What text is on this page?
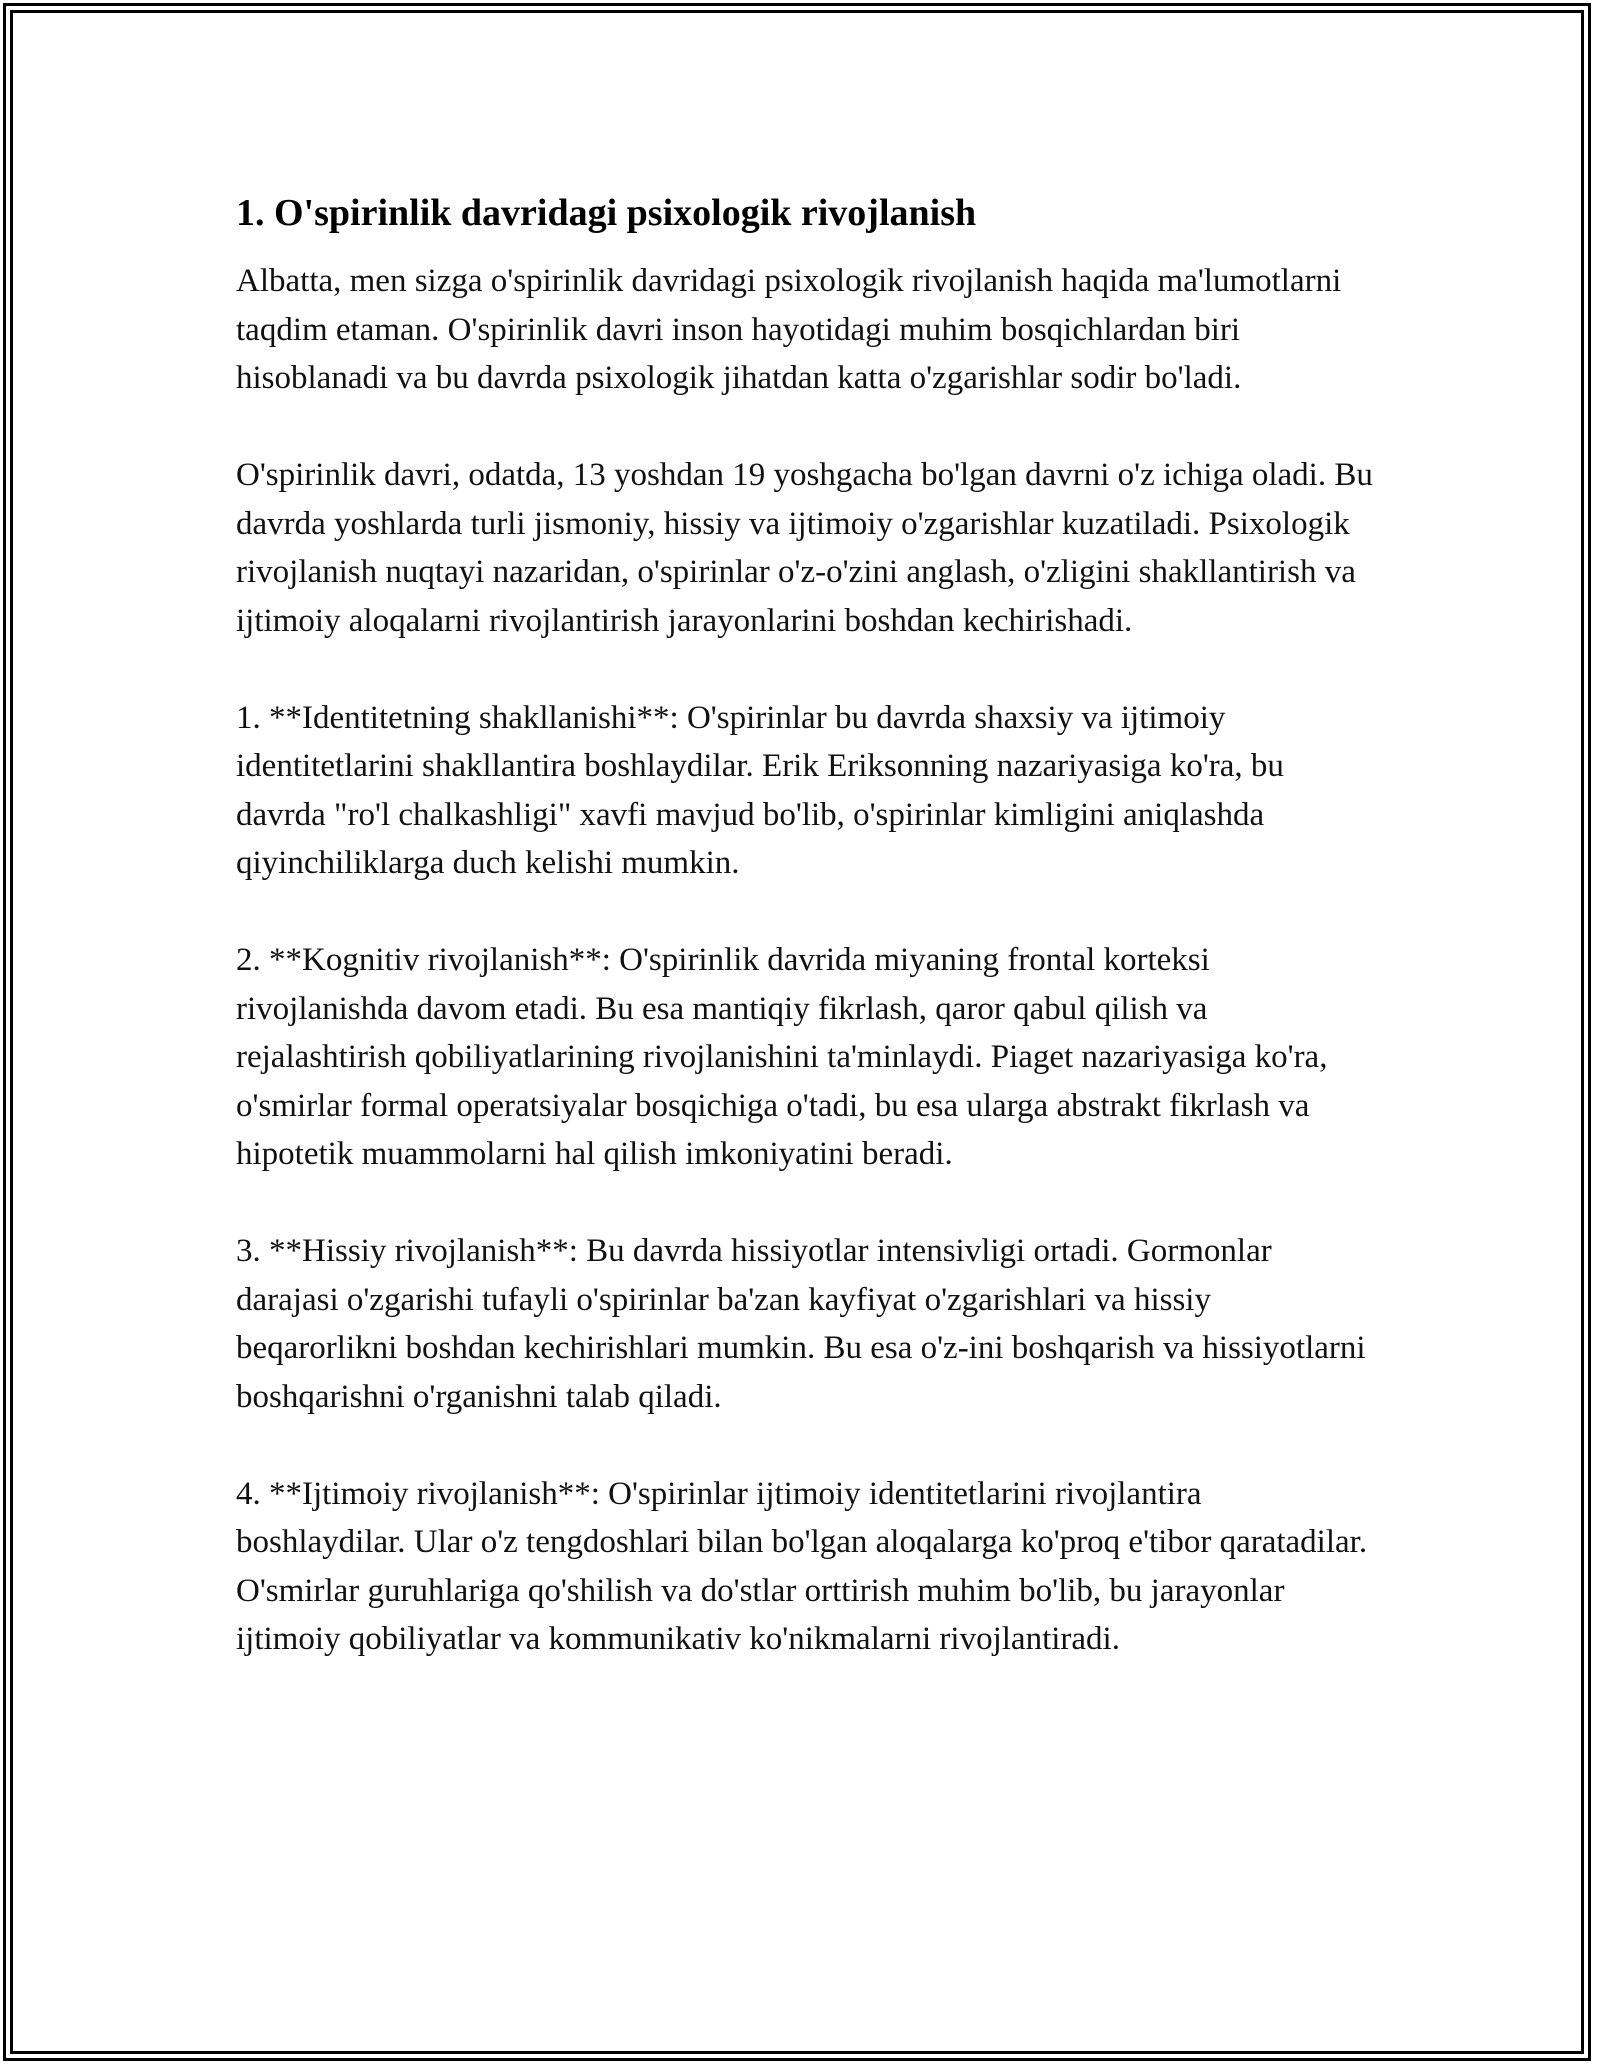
1. O'spirinlik davridagi psixologik rivojlanish

Albatta, men sizga o'spirinlik davridagi psixologik rivojlanish haqida ma'lumotlarni taqdim etaman. O'spirinlik davri inson hayotidagi muhim bosqichlardan biri hisoblanadi va bu davrda psixologik jihatdan katta o'zgarishlar sodir bo'ladi.

O'spirinlik davri, odatda, 13 yoshdan 19 yoshgacha bo'lgan davrni o'z ichiga oladi. Bu davrda yoshlarda turli jismoniy, hissiy va ijtimoiy o'zgarishlar kuzatiladi. Psixologik rivojlanish nuqtayi nazaridan, o'spirinlar o'z-o'zini anglash, o'zligini shakllantirish va ijtimoiy aloqalarni rivojlantirish jarayonlarini boshdan kechirishadi.

1. **Identitetning shakllanishi**: O'spirinlar bu davrda shaxsiy va ijtimoiy identitetlarini shakllantira boshlaydilar. Erik Eriksonning nazariyasiga ko'ra, bu davrda "ro'l chalkashligi" xavfi mavjud bo'lib, o'spirinlar kimligini aniqlashda qiyinchiliklarga duch kelishi mumkin.

2. **Kognitiv rivojlanish**: O'spirinlik davrida miyaning frontal korteksi rivojlanishda davom etadi. Bu esa mantiqiy fikrlash, qaror qabul qilish va rejalashtirish qobiliyatlarining rivojlanishini ta'minlaydi. Piaget nazariyasiga ko'ra, o'smirlar formal operatsiyalar bosqichiga o'tadi, bu esa ularga abstrakt fikrlash va hipotetik muammolarni hal qilish imkoniyatini beradi.

3. **Hissiy rivojlanish**: Bu davrda hissiyotlar intensivligi ortadi. Gormonlar darajasi o'zgarishi tufayli o'spirinlar ba'zan kayfiyat o'zgarishlari va hissiy beqarorlikni boshdan kechirishlari mumkin. Bu esa o'z-ini boshqarish va hissiyotlarni boshqarishni o'rganishni talab qiladi.

4. **Ijtimoiy rivojlanish**: O'spirinlar ijtimoiy identitetlarini rivojlantira boshlaydilar. Ular o'z tengdoshlari bilan bo'lgan aloqalarga ko'proq e'tibor qaratadilar. O'smirlar guruhlariga qo'shilish va do'stlar orttirish muhim bo'lib, bu jarayonlar ijtimoiy qobiliyatlar va kommunikativ ko'nikmalarni rivojlantiradi.
